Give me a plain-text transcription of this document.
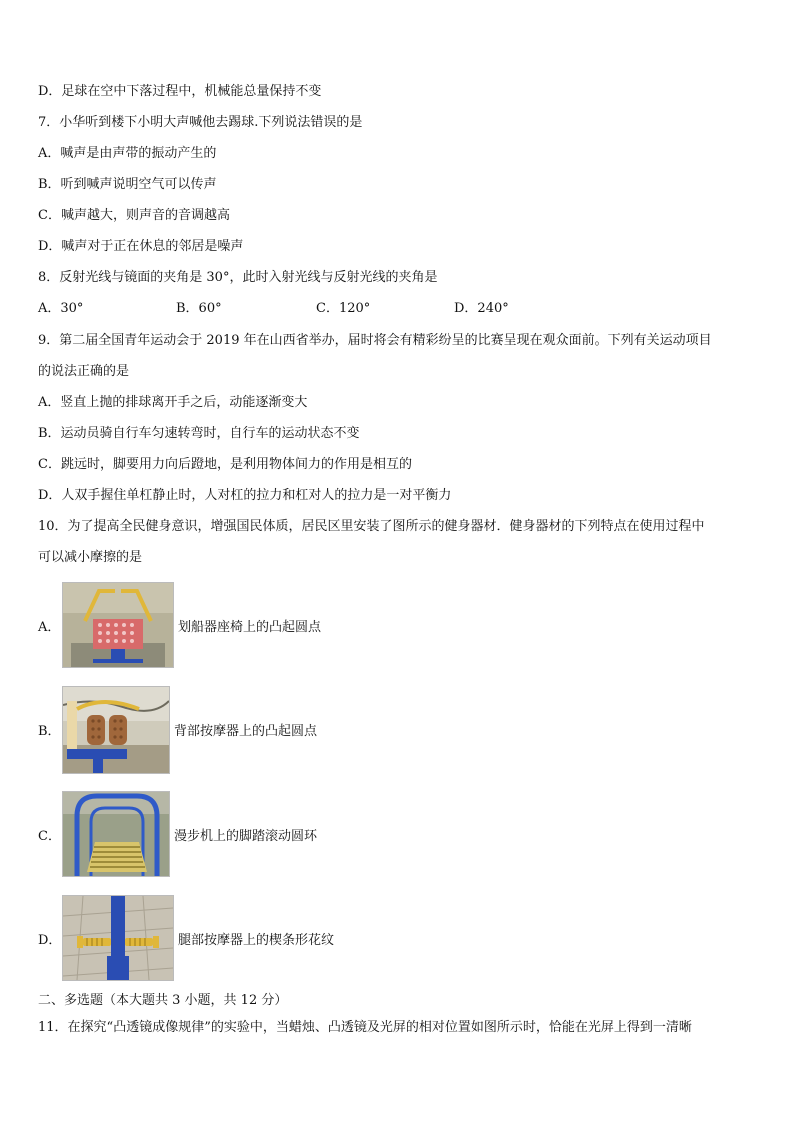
D．足球在空中下落过程中，机械能总量保持不变
7．小华听到楼下小明大声喊他去踢球.下列说法错误的是
A．喊声是由声带的振动产生的
B．听到喊声说明空气可以传声
C．喊声越大，则声音的音调越高
D．喊声对于正在休息的邻居是噪声
8．反射光线与镜面的夹角是 30°，此时入射光线与反射光线的夹角是
A．30°	B．60°	C．120°	D．240°
9．第二届全国青年运动会于 2019 年在山西省举办，届时将会有精彩纷呈的比赛呈现在观众面前。下列有关运动项目
的说法正确的是
A．竖直上抛的排球离开手之后，动能逐渐变大
B．运动员骑自行车匀速转弯时，自行车的运动状态不变
C．跳远时，脚要用力向后蹬地，是利用物体间力的作用是相互的
D．人双手握住单杠静止时，人对杠的拉力和杠对人的拉力是一对平衡力
10．为了提高全民健身意识，增强国民体质，居民区里安装了图所示的健身器材．健身器材的下列特点在使用过程中
可以减小摩擦的是
A．	划船器座椅上的凸起圆点
B．	背部按摩器上的凸起圆点
C．	漫步机上的脚踏滚动圆环
D．	腿部按摩器上的楔条形花纹
二、多选题（本大题共 3 小题，共 12 分）
11．在探究“凸透镜成像规律”的实验中，当蜡烛、凸透镜及光屏的相对位置如图所示时，恰能在光屏上得到一清晰
